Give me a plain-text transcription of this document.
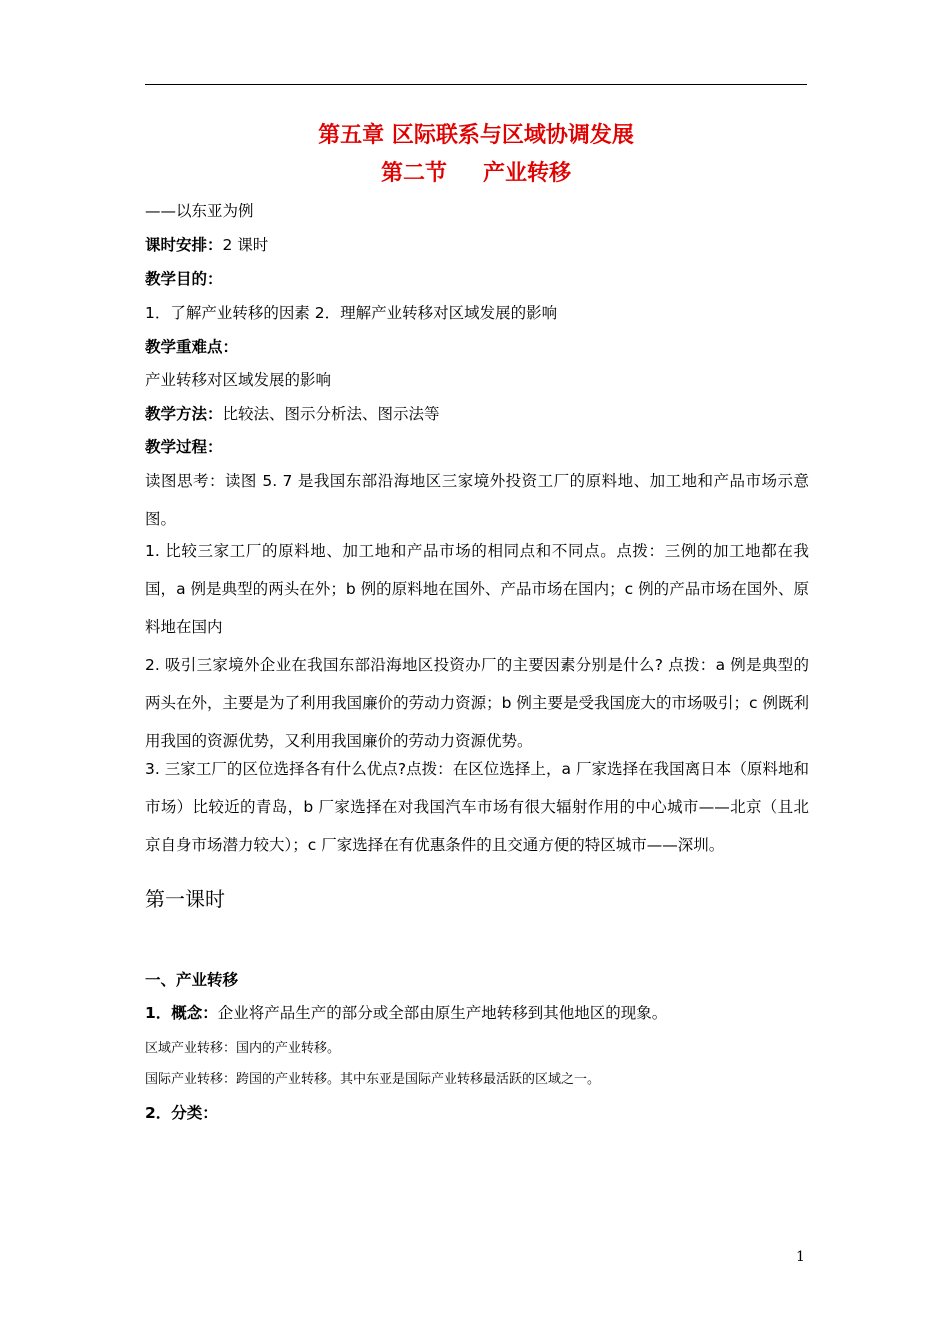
第五章 区际联系与区域协调发展
第二节 产业转移
——以东亚为例
课时安排：2 课时
教学目的：
1．了解产业转移的因素 2．理解产业转移对区域发展的影响
教学重难点：
产业转移对区域发展的影响
教学方法：比较法、图示分析法、图示法等
教学过程：
读图思考：读图 5. 7 是我国东部沿海地区三家境外投资工厂的原料地、加工地和产品市场示意图。
1. 比较三家工厂的原料地、加工地和产品市场的相同点和不同点。点拨：三例的加工地都在我国，a 例是典型的两头在外；b 例的原料地在国外、产品市场在国内；c 例的产品市场在国外、原料地在国内
2. 吸引三家境外企业在我国东部沿海地区投资办厂的主要因素分别是什么? 点拨：a 例是典型的两头在外，主要是为了利用我国廉价的劳动力资源；b 例主要是受我国庞大的市场吸引；c 例既利用我国的资源优势，又利用我国廉价的劳动力资源优势。
3. 三家工厂的区位选择各有什么优点?点拨：在区位选择上，a 厂家选择在我国离日本（原料地和市场）比较近的青岛，b 厂家选择在对我国汽车市场有很大辐射作用的中心城市——北京（且北京自身市场潜力较大）；c 厂家选择在有优惠条件的且交通方便的特区城市——深圳。
第一课时
一、产业转移
1．概念：企业将产品生产的部分或全部由原生产地转移到其他地区的现象。
区域产业转移：国内的产业转移。
国际产业转移：跨国的产业转移。其中东亚是国际产业转移最活跃的区域之一。
2．分类：
1
